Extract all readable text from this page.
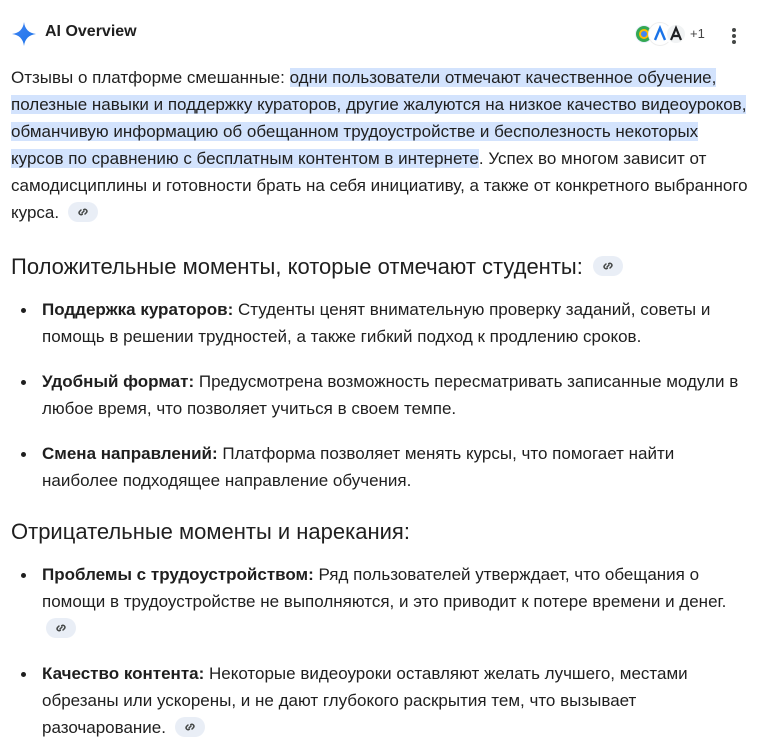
AI Overview	+1

Отзывы о платформе смешанные: одни пользователи отмечают качественное обучение, полезные навыки и поддержку кураторов, другие жалуются на низкое качество видеоуроков, обманчивую информацию об обещанном трудоустройстве и бесполезность некоторых курсов по сравнению с бесплатным контентом в интернете. Успех во многом зависит от самодисциплины и готовности брать на себя инициативу, а также от конкретного выбранного курса.

Положительные моменты, которые отмечают студенты:
Поддержка кураторов: Студенты ценят внимательную проверку заданий, советы и помощь в решении трудностей, а также гибкий подход к продлению сроков.
Удобный формат: Предусмотрена возможность пересматривать записанные модули в любое время, что позволяет учиться в своем темпе.
Смена направлений: Платформа позволяет менять курсы, что помогает найти наиболее подходящее направление обучения.
Отрицательные моменты и нарекания:
Проблемы с трудоустройством: Ряд пользователей утверждает, что обещания о помощи в трудоустройстве не выполняются, и это приводит к потере времени и денег.
Качество контента: Некоторые видеоуроки оставляют желать лучшего, местами обрезаны или ускорены, и не дают глубокого раскрытия тем, что вызывает разочарование.
